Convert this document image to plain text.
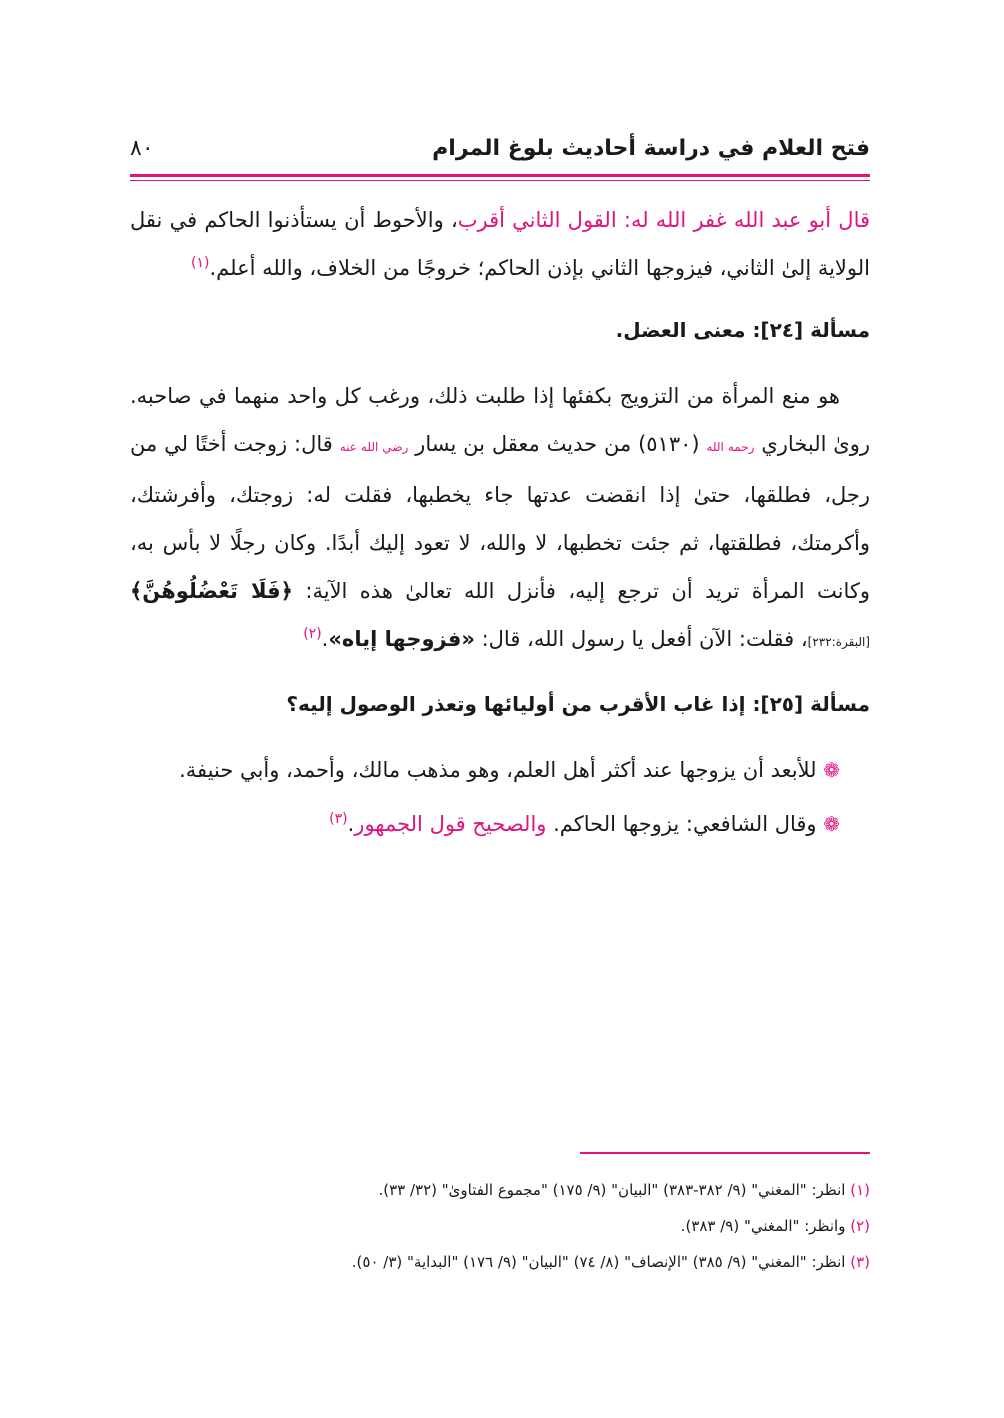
فتح العلام في دراسة أحاديث بلوغ المرام
٨٠

قال أبو عبد الله غفر الله له: القول الثاني أقرب، والأحوط أن يستأذنوا الحاكم في نقل الولاية إلىٰ الثاني، فيزوجها الثاني بإذن الحاكم؛ خروجًا من الخلاف، والله أعلم.$^{(١)}$

مسألة [٢٤]: معنى العضل.

هو منع المرأة من التزويج بكفئها إذا طلبت ذلك، ورغب كل واحد منهما في صاحبه. روىٰ البخاري رحمه الله (٥١٣٠) من حديث معقل بن يسار رضي الله عنه قال: زوجت أختًا لي من رجل، فطلقها، حتىٰ إذا انقضت عدتها جاء يخطبها، فقلت له: زوجتك، وأفرشتك، وأكرمتك، فطلقتها، ثم جئت تخطبها، لا والله، لا تعود إليك أبدًا. وكان رجلًا لا بأس به، وكانت المرأة تريد أن ترجع إليه، فأنزل الله تعالىٰ هذه الآية: ﴿فَلَا تَعْضُلُوهُنَّ﴾ [البقرة:٢٣٢]، فقلت: الآن أفعل يا رسول الله، قال: «فزوجها إياه».$^{(٢)}$

مسألة [٢٥]: إذا غاب الأقرب من أوليائها وتعذر الوصول إليه؟

❁ للأبعد أن يزوجها عند أكثر أهل العلم، وهو مذهب مالك، وأحمد، وأبي حنيفة.

❁ وقال الشافعي: يزوجها الحاكم. والصحيح قول الجمهور.$^{(٣)}$

(١) انظر: "المغني" (٩/ ٣٨٢-٣٨٣) "البيان" (٩/ ١٧٥) "مجموع الفتاوىٰ" (٣٢/ ٣٣).

(٢) وانظر: "المغني" (٩/ ٣٨٣).

(٣) انظر: "المغني" (٩/ ٣٨٥) "الإنصاف" (٨/ ٧٤) "البيان" (٩/ ١٧٦) "البداية" (٣/ ٥٠).
